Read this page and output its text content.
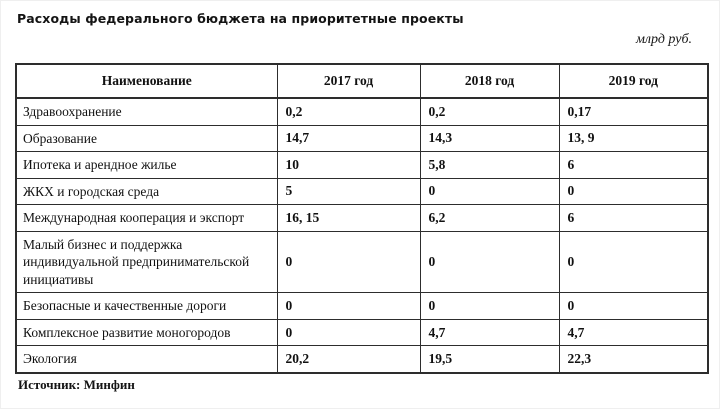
Расходы федерального бюджета на приоритетные проекты
млрд руб.
Наименование	2017 год	2018 год	2019 год
Здравоохранение	0,2	0,2	0,17
Образование	14,7	14,3	13, 9
Ипотека и арендное жилье	10	5,8	6
ЖКХ и городская среда	5	0	0
Международная кооперация и экспорт	16, 15	6,2	6
Малый бизнес и поддержка индивидуальной предпринимательской инициативы	0	0	0
Безопасные и качественные дороги	0	0	0
Комплексное развитие моногородов	0	4,7	4,7
Экология	20,2	19,5	22,3
Источник: Минфин
